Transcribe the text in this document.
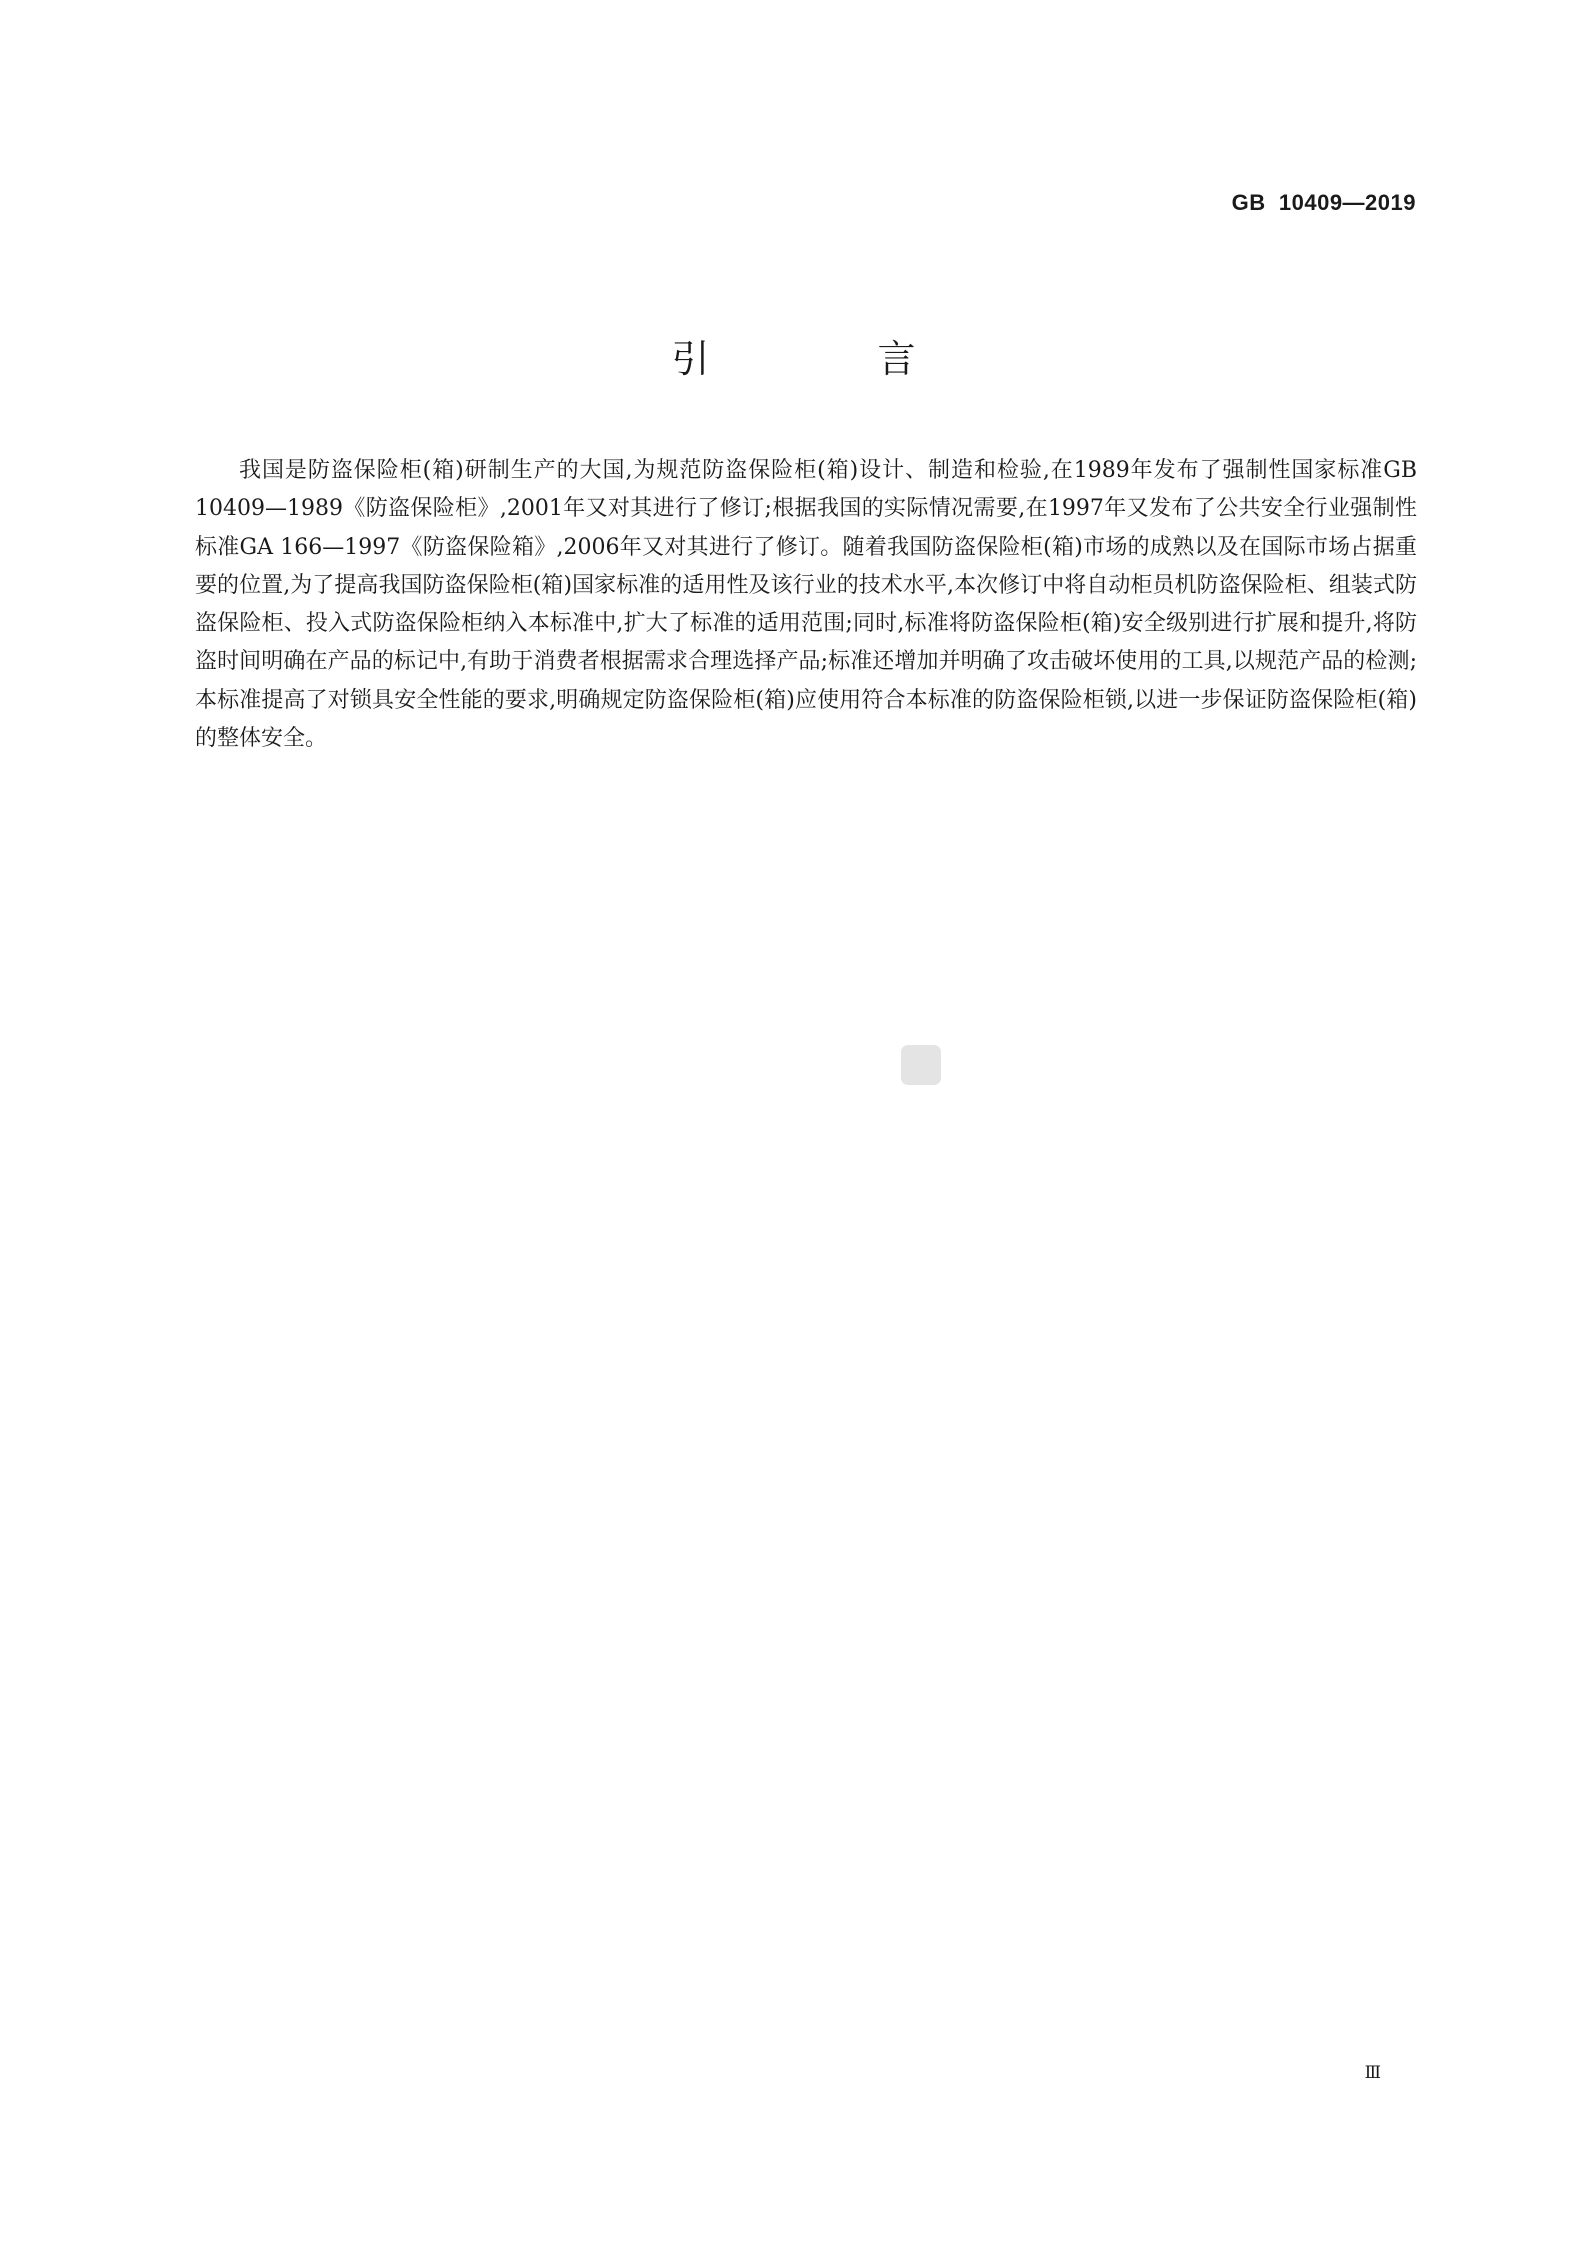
GB  10409—2019
引 言

我国是防盗保险柜(箱)研制生产的大国,为规范防盗保险柜(箱)设计、制造和检验,在1989年发布了强制性国家标准GB 10409—1989《防盗保险柜》,2001年又对其进行了修订;根据我国的实际情况需要,在1997年又发布了公共安全行业强制性标准GA 166—1997《防盗保险箱》,2006年又对其进行了修订。随着我国防盗保险柜(箱)市场的成熟以及在国际市场占据重要的位置,为了提高我国防盗保险柜(箱)国家标准的适用性及该行业的技术水平,本次修订中将自动柜员机防盗保险柜、组装式防盗保险柜、投入式防盗保险柜纳入本标准中,扩大了标准的适用范围;同时,标准将防盗保险柜(箱)安全级别进行扩展和提升,将防盗时间明确在产品的标记中,有助于消费者根据需求合理选择产品;标准还增加并明确了攻击破坏使用的工具,以规范产品的检测;本标准提高了对锁具安全性能的要求,明确规定防盗保险柜(箱)应使用符合本标准的防盗保险柜锁,以进一步保证防盗保险柜(箱)的整体安全。

Ⅲ
